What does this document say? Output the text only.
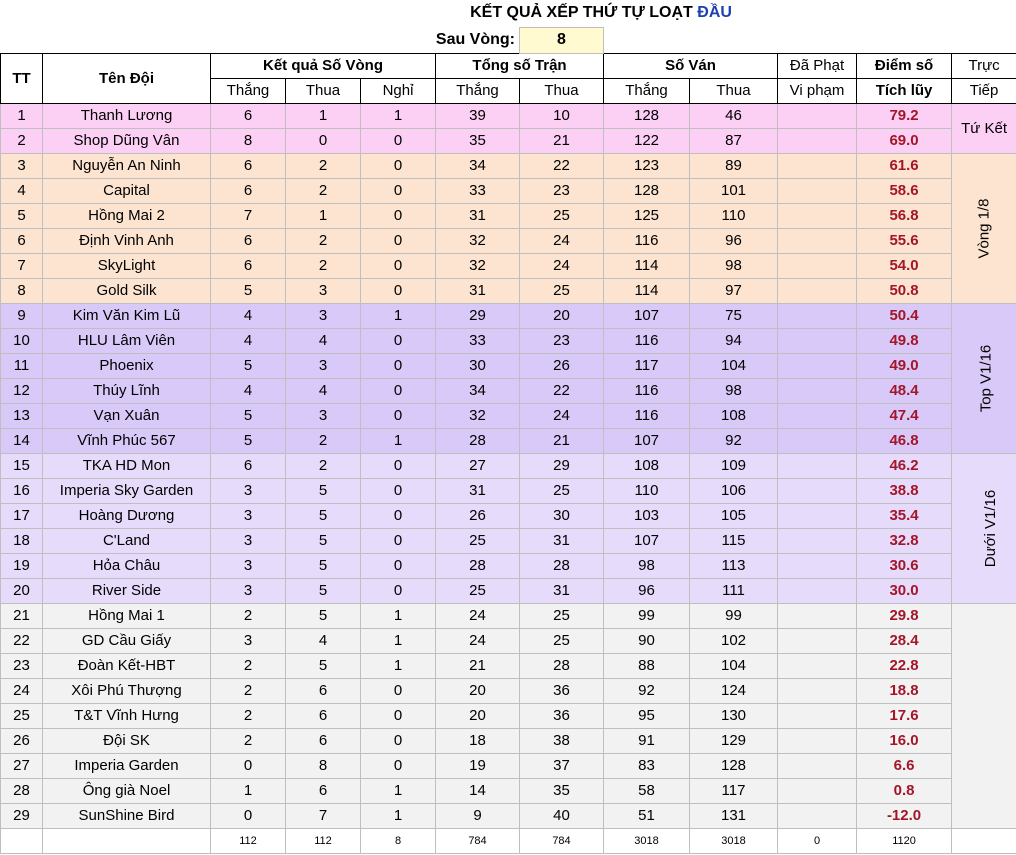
			KẾT QUẢ XẾP THỨ TỰ LOẠT ĐẦU								
				Sau Vòng:		8					
TT	Tên Đội	Kết quả Số Vòng			Tổng số Trận		Số Ván		Đã Phạt	Điểm số	Trực
		Thắng	Thua	Nghỉ	Thắng	Thua	Thắng	Thua	Vi phạm	Tích lũy	Tiếp
1	Thanh Lương	6	1	1	39	10	128	46		79.2	Tứ Kết
2	Shop Dũng Vân	8	0	0	35	21	122	87		69.0	
3	Nguyễn An Ninh	6	2	0	34	22	123	89		61.6	Vòng 1/8
4	Capital	6	2	0	33	23	128	101		58.6	
5	Hồng Mai 2	7	1	0	31	25	125	110		56.8	
6	Định Vinh Anh	6	2	0	32	24	116	96		55.6	
7	SkyLight	6	2	0	32	24	114	98		54.0	
8	Gold Silk	5	3	0	31	25	114	97		50.8	
9	Kim Văn Kim Lũ	4	3	1	29	20	107	75		50.4	Top V1/16
10	HLU Lâm Viên	4	4	0	33	23	116	94		49.8	
11	Phoenix	5	3	0	30	26	117	104		49.0	
12	Thúy Lĩnh	4	4	0	34	22	116	98		48.4	
13	Vạn Xuân	5	3	0	32	24	116	108		47.4	
14	Vĩnh Phúc 567	5	2	1	28	21	107	92		46.8	
15	TKA HD Mon	6	2	0	27	29	108	109		46.2	Dưới V1/16
16	Imperia Sky Garden	3	5	0	31	25	110	106		38.8	
17	Hoàng Dương	3	5	0	26	30	103	105		35.4	
18	C'Land	3	5	0	25	31	107	115		32.8	
19	Hỏa Châu	3	5	0	28	28	98	113		30.6	
20	River Side	3	5	0	25	31	96	111		30.0	
21	Hồng Mai 1	2	5	1	24	25	99	99		29.8	
22	GD Cầu Giấy	3	4	1	24	25	90	102		28.4	
23	Đoàn Kết-HBT	2	5	1	21	28	88	104		22.8	
24	Xôi Phú Thượng	2	6	0	20	36	92	124		18.8	
25	T&T Vĩnh Hưng	2	6	0	20	36	95	130		17.6	
26	Đội SK	2	6	0	18	38	91	129		16.0	
27	Imperia Garden	0	8	0	19	37	83	128		6.6	
28	Ông già Noel	1	6	1	14	35	58	117		0.8	
29	SunShine Bird	0	7	1	9	40	51	131		-12.0	
		112	112	8	784	784	3018	3018	0	1120	
